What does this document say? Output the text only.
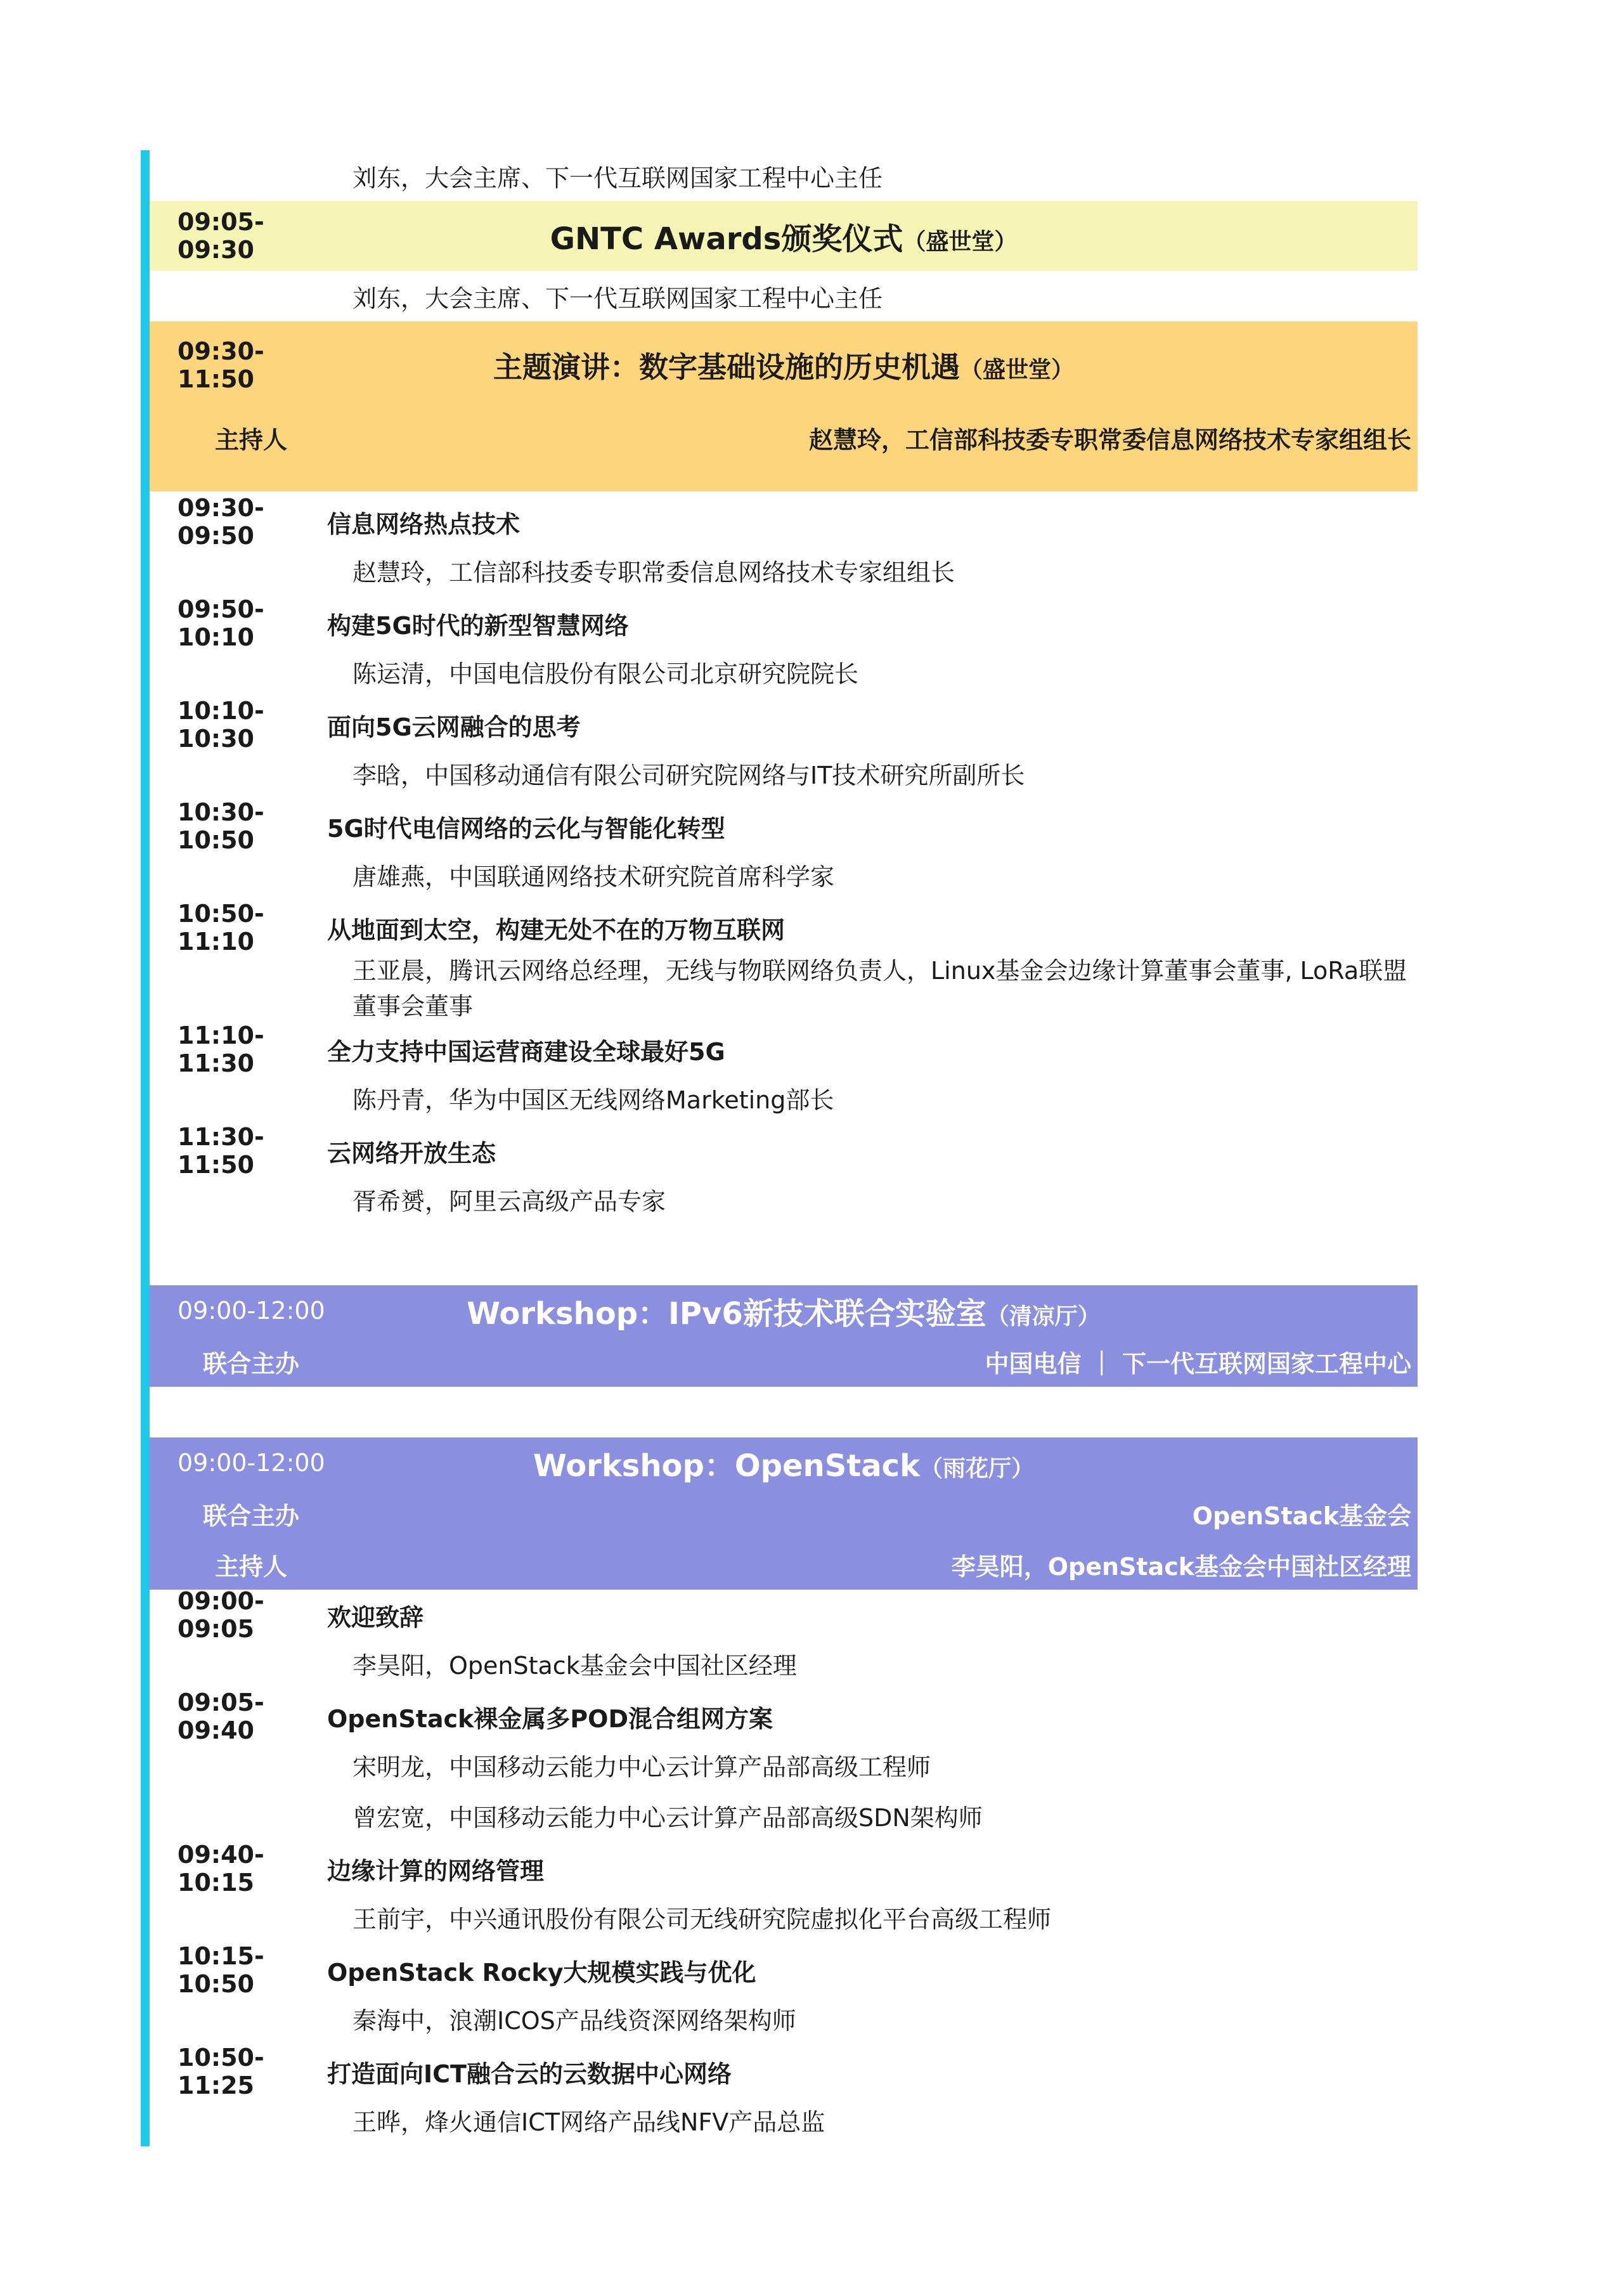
刘东，大会主席、下一代互联网国家工程中心主任
09:05-09:30	GNTC Awards颁奖仪式（盛世堂）
刘东，大会主席、下一代互联网国家工程中心主任
09:30-11:50	主题演讲：数字基础设施的历史机遇（盛世堂）
主持人	赵慧玲，工信部科技委专职常委信息网络技术专家组组长
09:30-09:50	信息网络热点技术
赵慧玲，工信部科技委专职常委信息网络技术专家组组长
09:50-10:10	构建5G时代的新型智慧网络
陈运清，中国电信股份有限公司北京研究院院长
10:10-10:30	面向5G云网融合的思考
李晗，中国移动通信有限公司研究院网络与IT技术研究所副所长
10:30-10:50	5G时代电信网络的云化与智能化转型
唐雄燕，中国联通网络技术研究院首席科学家
10:50-11:10	从地面到太空，构建无处不在的万物互联网
王亚晨，腾讯云网络总经理，无线与物联网络负责人，Linux基金会边缘计算董事会董事, LoRa联盟董事会董事
11:10-11:30	全力支持中国运营商建设全球最好5G
陈丹青，华为中国区无线网络Marketing部长
11:30-11:50	云网络开放生态
胥希赟，阿里云高级产品专家
09:00-12:00	Workshop：IPv6新技术联合实验室（清凉厅）
联合主办	中国电信 ｜ 下一代互联网国家工程中心
09:00-12:00	Workshop：OpenStack（雨花厅）
联合主办	OpenStack基金会
主持人	李昊阳，OpenStack基金会中国社区经理
09:00-09:05	欢迎致辞
李昊阳，OpenStack基金会中国社区经理
09:05-09:40	OpenStack裸金属多POD混合组网方案
宋明龙，中国移动云能力中心云计算产品部高级工程师
曾宏宽，中国移动云能力中心云计算产品部高级SDN架构师
09:40-10:15	边缘计算的网络管理
王前宇，中兴通讯股份有限公司无线研究院虚拟化平台高级工程师
10:15-10:50	OpenStack Rocky大规模实践与优化
秦海中，浪潮ICOS产品线资深网络架构师
10:50-11:25	打造面向ICT融合云的云数据中心网络
王晔，烽火通信ICT网络产品线NFV产品总监
